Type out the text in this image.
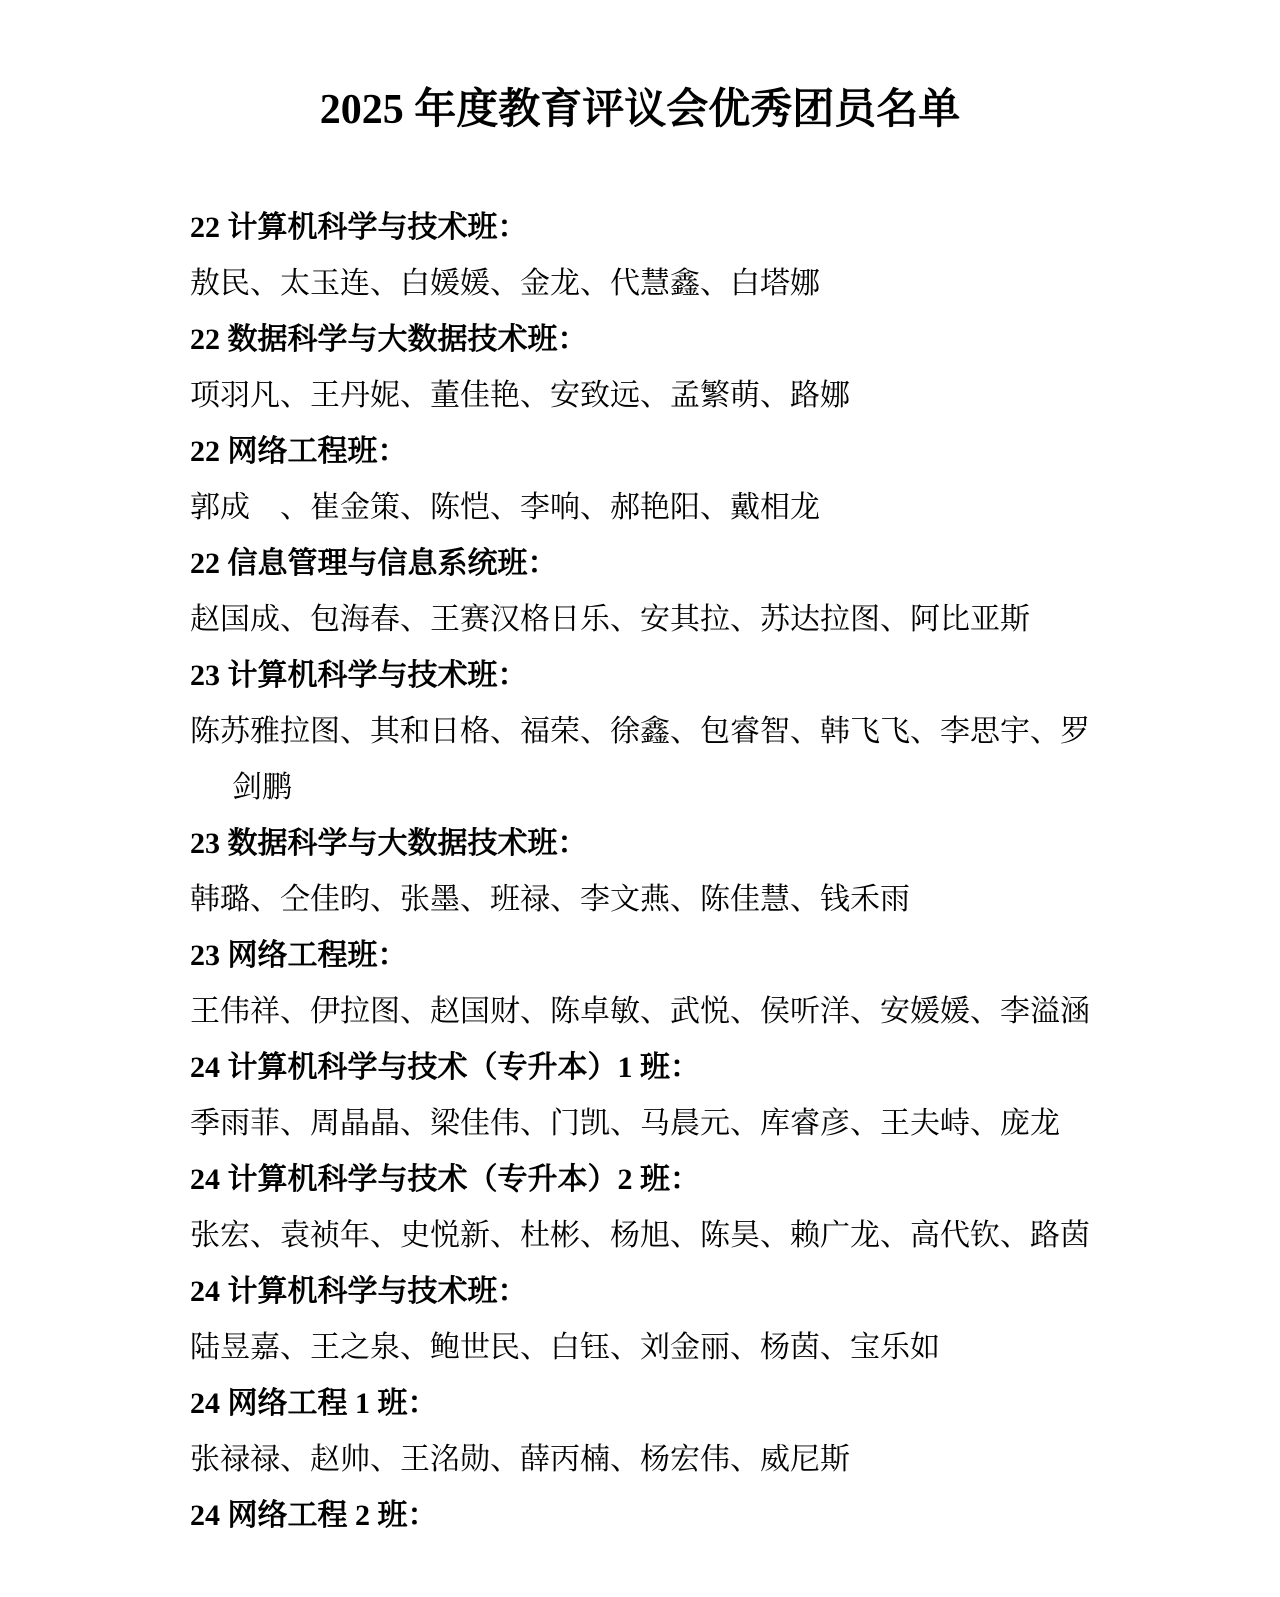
2025 年度教育评议会优秀团员名单

22 计算机科学与技术班：

敖民、太玉连、白媛媛、金龙、代慧鑫、白塔娜

22 数据科学与大数据技术班：

项羽凡、王丹妮、董佳艳、安致远、孟繁萌、路娜

22 网络工程班：

郭成　、崔金策、陈恺、李响、郝艳阳、戴相龙

22 信息管理与信息系统班：

赵国成、包海春、王赛汉格日乐、安其拉、苏达拉图、阿比亚斯

23 计算机科学与技术班：

陈苏雅拉图、其和日格、福荣、徐鑫、包睿智、韩飞飞、李思宇、罗剑鹏

23 数据科学与大数据技术班：

韩璐、仝佳昀、张墨、班禄、李文燕、陈佳慧、钱禾雨

23 网络工程班：

王伟祥、伊拉图、赵国财、陈卓敏、武悦、侯听洋、安媛媛、李溢涵

24 计算机科学与技术（专升本）1 班：

季雨菲、周晶晶、梁佳伟、门凯、马晨元、库睿彦、王夫峙、庞龙

24 计算机科学与技术（专升本）2 班：

张宏、袁祯年、史悦新、杜彬、杨旭、陈昊、赖广龙、高代钦、路茵

24 计算机科学与技术班：

陆昱嘉、王之泉、鲍世民、白钰、刘金丽、杨茵、宝乐如

24 网络工程 1 班：

张禄禄、赵帅、王洺勋、薛丙楠、杨宏伟、威尼斯

24 网络工程 2 班：
